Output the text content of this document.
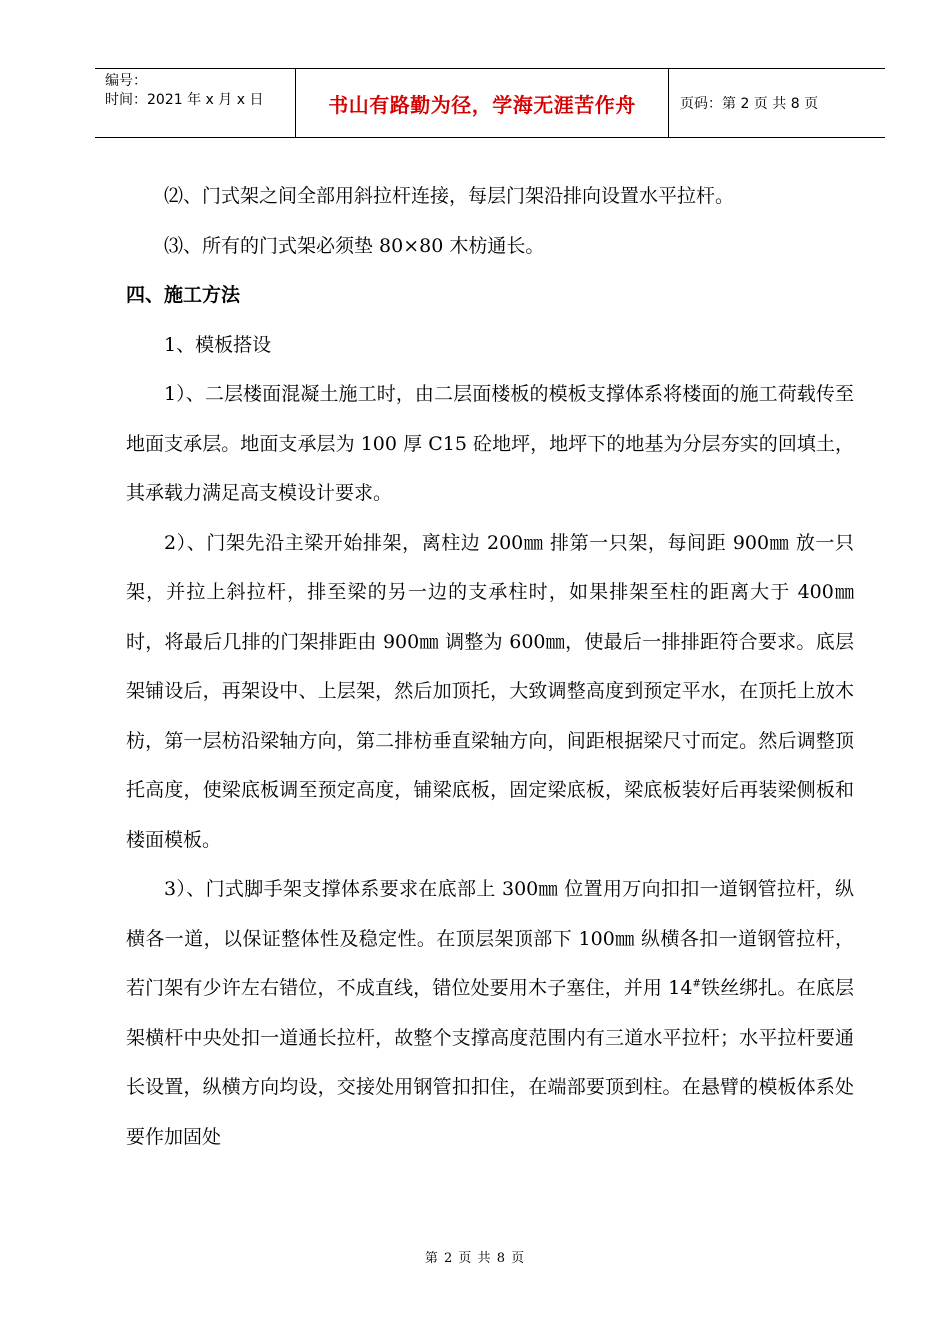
编号：
时间：2021 年 x 月 x 日	书山有路勤为径，学海无涯苦作舟	页码：第 2 页 共 8 页

⑵、门式架之间全部用斜拉杆连接，每层门架沿排向设置水平拉杆。

⑶、所有的门式架必须垫 80×80 木枋通长。

四、施工方法

1、模板搭设

1）、二层楼面混凝土施工时，由二层面楼板的模板支撑体系将楼面的施工荷载传至地面支承层。地面支承层为 100 厚 C15 砼地坪，地坪下的地基为分层夯实的回填土，其承载力满足高支模设计要求。

2）、门架先沿主梁开始排架，离柱边 200㎜ 排第一只架，每间距 900㎜ 放一只架，并拉上斜拉杆，排至梁的另一边的支承柱时，如果排架至柱的距离大于 400㎜ 时，将最后几排的门架排距由 900㎜ 调整为 600㎜，使最后一排排距符合要求。底层架铺设后，再架设中、上层架，然后加顶托，大致调整高度到预定平水，在顶托上放木枋，第一层枋沿梁轴方向，第二排枋垂直梁轴方向，间距根据梁尺寸而定。然后调整顶托高度，使梁底板调至预定高度，铺梁底板，固定梁底板，梁底板装好后再装梁侧板和楼面模板。

3）、门式脚手架支撑体系要求在底部上 300㎜ 位置用万向扣扣一道钢管拉杆，纵横各一道，以保证整体性及稳定性。在顶层架顶部下 100㎜ 纵横各扣一道钢管拉杆，若门架有少许左右错位，不成直线，错位处要用木子塞住，并用 14#铁丝绑扎。在底层架横杆中央处扣一道通长拉杆，故整个支撑高度范围内有三道水平拉杆；水平拉杆要通长设置，纵横方向均设，交接处用钢管扣扣住，在端部要顶到柱。在悬臂的模板体系处要作加固处

第 2 页 共 8 页
